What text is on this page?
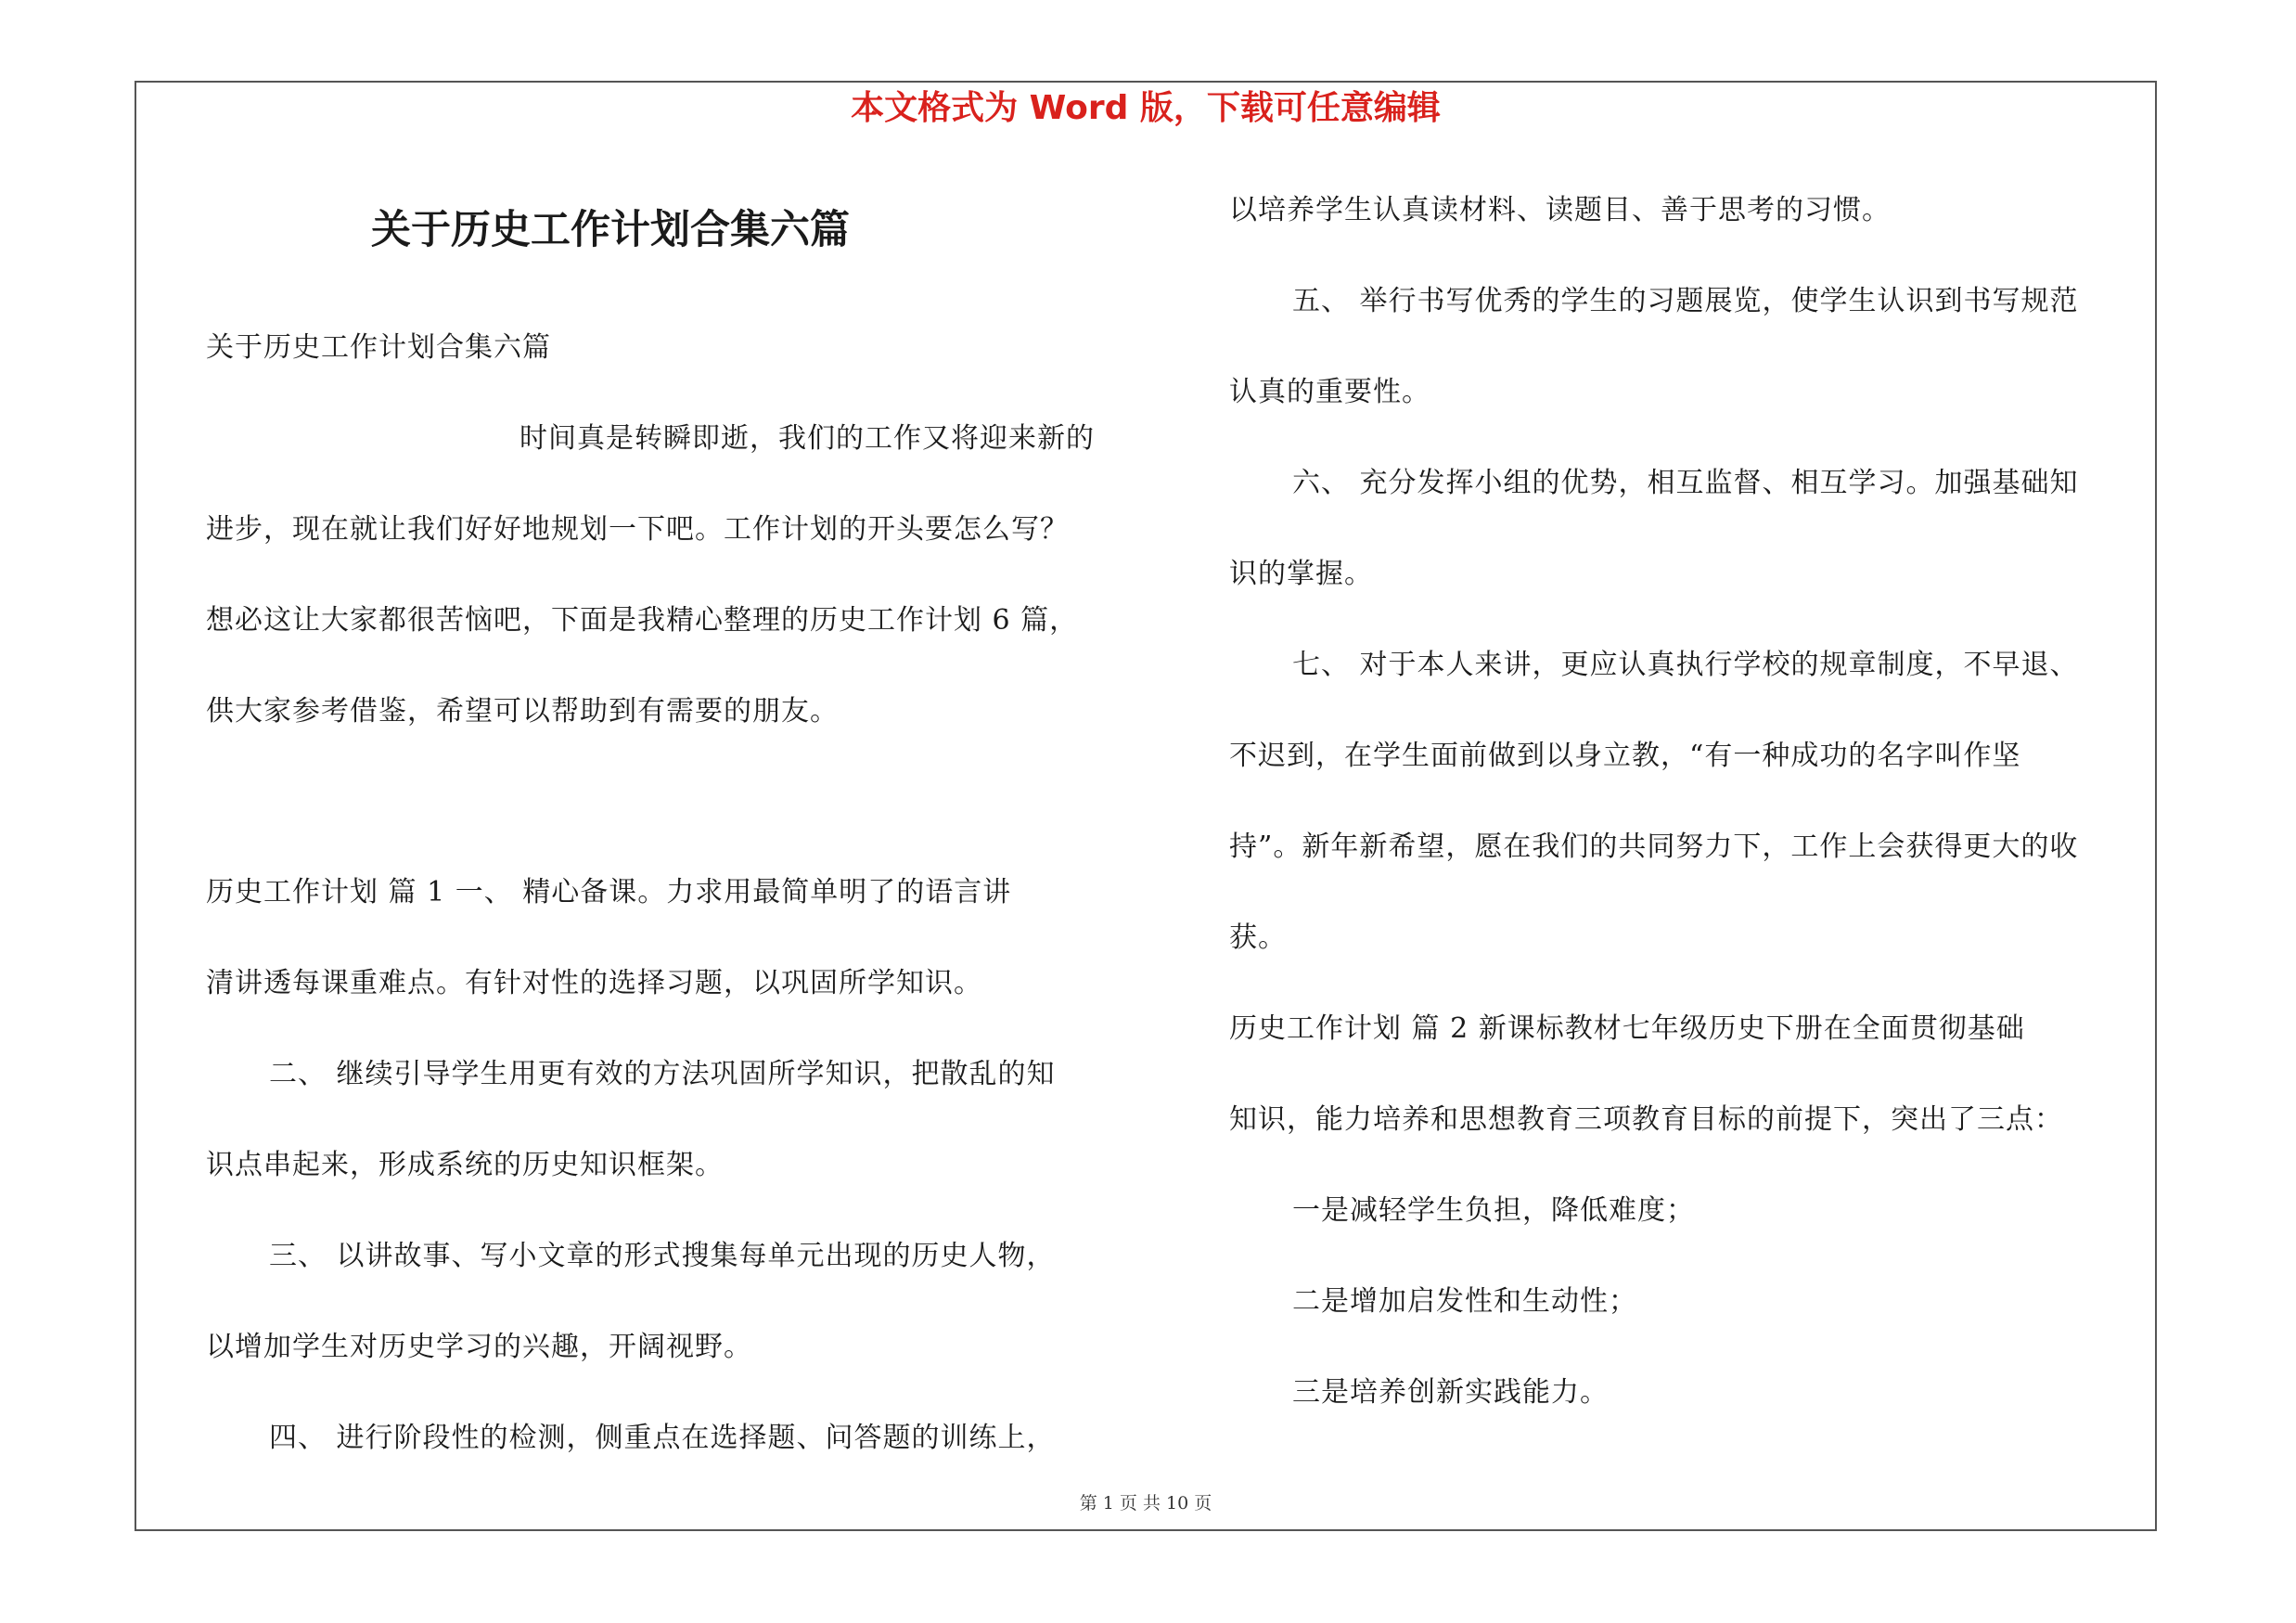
本文格式为 Word 版，下载可任意编辑
关于历史工作计划合集六篇
关于历史工作计划合集六篇
时间真是转瞬即逝，我们的工作又将迎来新的
进步，现在就让我们好好地规划一下吧。工作计划的开头要怎么写？
想必这让大家都很苦恼吧，下面是我精心整理的历史工作计划 6 篇，
供大家参考借鉴，希望可以帮助到有需要的朋友。
历史工作计划 篇 1 一、 精心备课。力求用最简单明了的语言讲
清讲透每课重难点。有针对性的选择习题，以巩固所学知识。
二、 继续引导学生用更有效的方法巩固所学知识，把散乱的知
识点串起来，形成系统的历史知识框架。
三、 以讲故事、写小文章的形式搜集每单元出现的历史人物，
以增加学生对历史学习的兴趣，开阔视野。
四、 进行阶段性的检测，侧重点在选择题、问答题的训练上，
以培养学生认真读材料、读题目、善于思考的习惯。
五、 举行书写优秀的学生的习题展览，使学生认识到书写规范
认真的重要性。
六、 充分发挥小组的优势，相互监督、相互学习。加强基础知
识的掌握。
七、 对于本人来讲，更应认真执行学校的规章制度，不早退、
不迟到，在学生面前做到以身立教，“有一种成功的名字叫作坚
持”。新年新希望，愿在我们的共同努力下，工作上会获得更大的收
获。
历史工作计划 篇 2 新课标教材七年级历史下册在全面贯彻基础
知识，能力培养和思想教育三项教育目标的前提下，突出了三点：
一是减轻学生负担，降低难度；
二是增加启发性和生动性；
三是培养创新实践能力。
第 1 页 共 10 页
